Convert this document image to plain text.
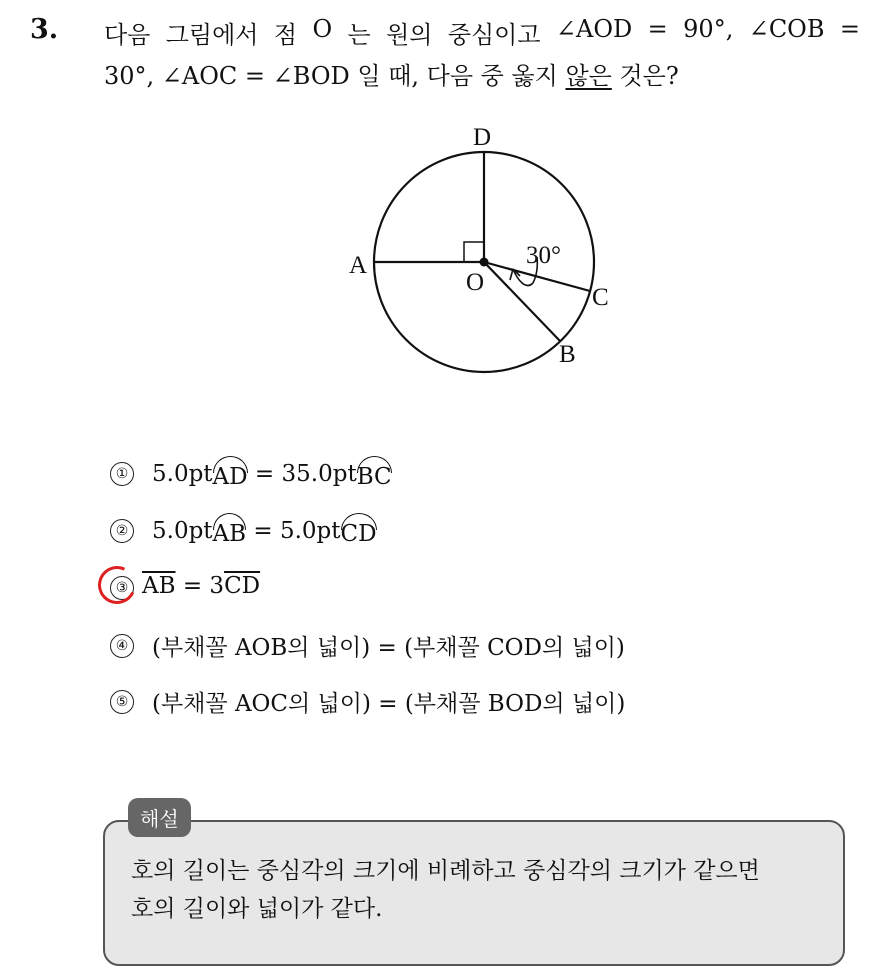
3. 다음 그림에서 점 O 는 원의 중심이고 ∠AOD = 90°, ∠COB =
30°, ∠AOC = ∠BOD 일 때, 다음 중 옳지 않은 것은?
D
A
O
C
B
30°
① 5.0pt AD = 35.0pt BC
② 5.0pt AB = 5.0pt CD
③ $\overline{AB} = 3$ $\overline{CD}$
④ (부채꼴 AOB의 넓이) = (부채꼴 COD의 넓이)
⑤ (부채꼴 AOC의 넓이) = (부채꼴 BOD의 넓이)
호의 길이는 중심각의 크기에 비례하고 중심각의 크기가 같으면
호의 길이와 넓이가 같다.
해설
